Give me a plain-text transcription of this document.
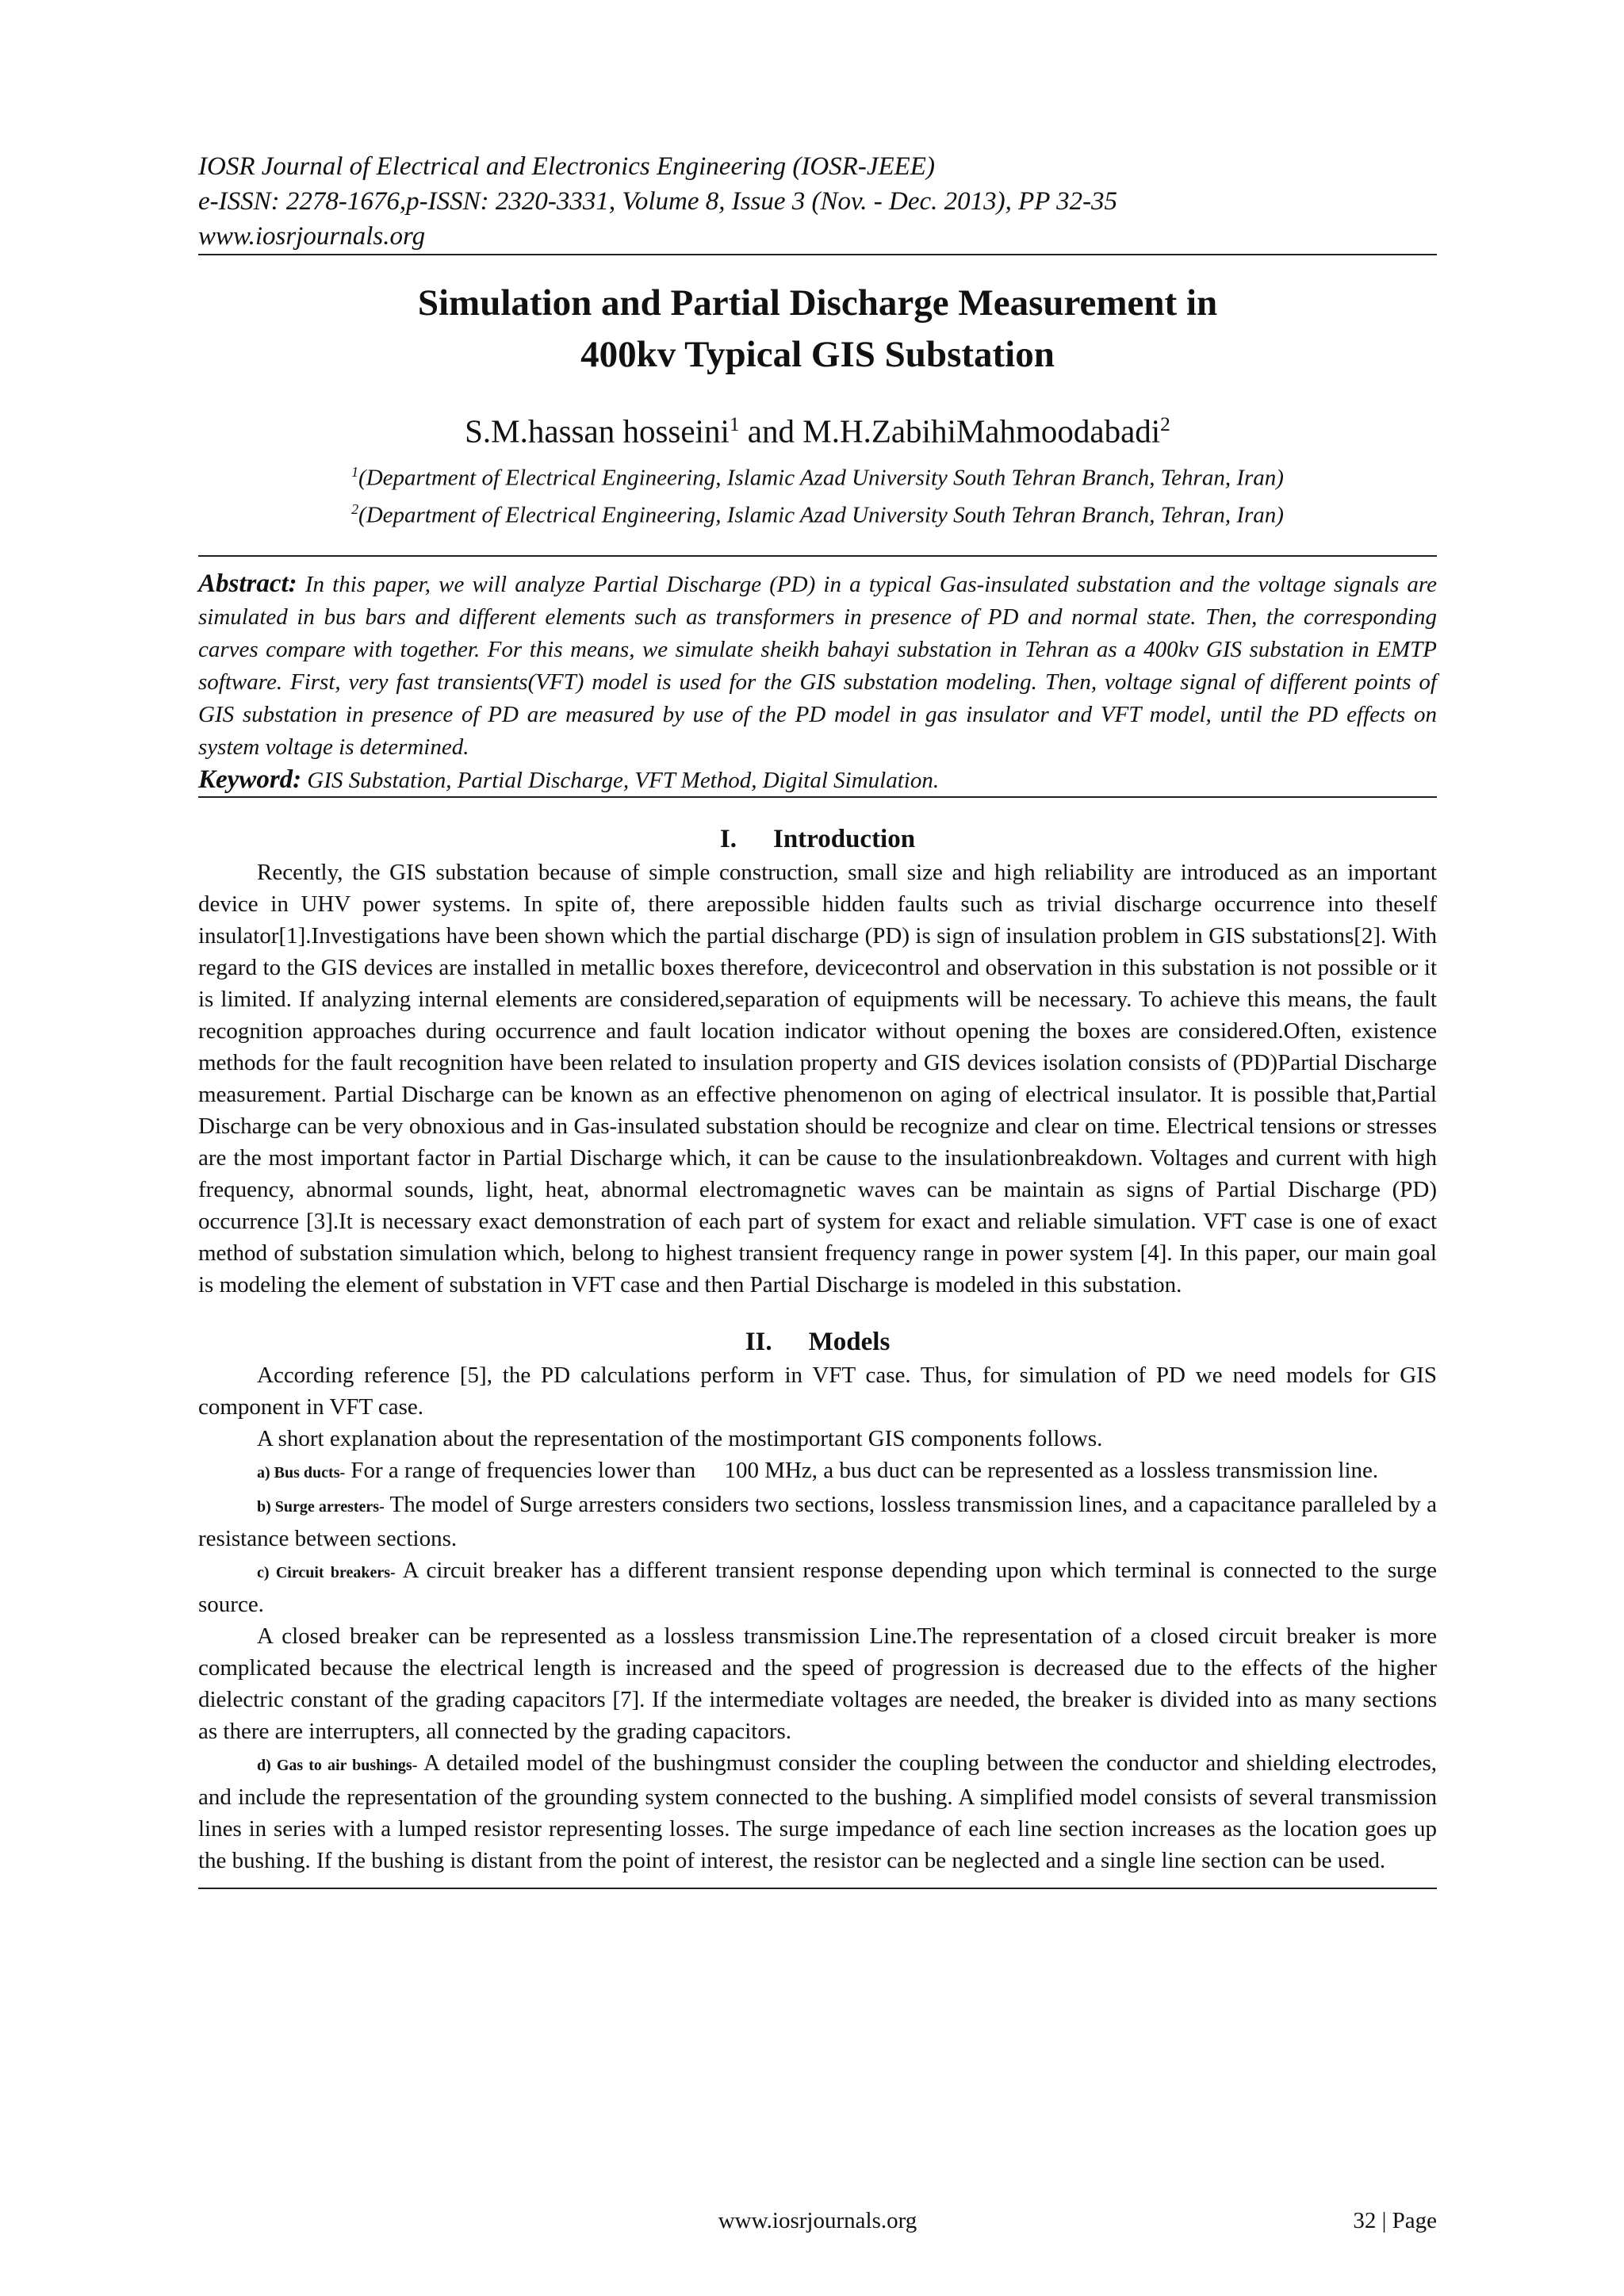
IOSR Journal of Electrical and Electronics Engineering (IOSR-JEEE)
e-ISSN: 2278-1676,p-ISSN: 2320-3331, Volume 8, Issue 3 (Nov. - Dec. 2013), PP 32-35
www.iosrjournals.org
Simulation and Partial Discharge Measurement in
400kv Typical GIS Substation
S.M.hassan hosseini$^1$ and M.H.ZabihiMahmoodabadi$^2$
$^1$(Department of Electrical Engineering, Islamic Azad University South Tehran Branch, Tehran, Iran)
$^2$(Department of Electrical Engineering, Islamic Azad University South Tehran Branch, Tehran, Iran)
Abstract: In this paper, we will analyze Partial Discharge (PD) in a typical Gas-insulated substation and the voltage signals are simulated in bus bars and different elements such as transformers in presence of PD and normal state. Then, the corresponding carves compare with together. For this means, we simulate sheikh bahayi substation in Tehran as a 400kv GIS substation in EMTP software. First, very fast transients(VFT) model is used for the GIS substation modeling. Then, voltage signal of different points of GIS substation in presence of PD are measured by use of the PD model in gas insulator and VFT model, until the PD effects on system voltage is determined.
Keyword: GIS Substation, Partial Discharge, VFT Method, Digital Simulation.
I. Introduction

Recently, the GIS substation because of simple construction, small size and high reliability are introduced as an important device in UHV power systems. In spite of, there arepossible hidden faults such as trivial discharge occurrence into theself insulator[1].Investigations have been shown which the partial discharge (PD) is sign of insulation problem in GIS substations[2]. With regard to the GIS devices are installed in metallic boxes therefore, devicecontrol and observation in this substation is not possible or it is limited. If analyzing internal elements are considered,separation of equipments will be necessary. To achieve this means, the fault recognition approaches during occurrence and fault location indicator without opening the boxes are considered.Often, existence methods for the fault recognition have been related to insulation property and GIS devices isolation consists of (PD)Partial Discharge measurement. Partial Discharge can be known as an effective phenomenon on aging of electrical insulator. It is possible that,Partial Discharge can be very obnoxious and in Gas-insulated substation should be recognize and clear on time. Electrical tensions or stresses are the most important factor in Partial Discharge which, it can be cause to the insulationbreakdown. Voltages and current with high frequency, abnormal sounds, light, heat, abnormal electromagnetic waves can be maintain as signs of Partial Discharge (PD) occurrence [3].It is necessary exact demonstration of each part of system for exact and reliable simulation. VFT case is one of exact method of substation simulation which, belong to highest transient frequency range in power system [4]. In this paper, our main goal is modeling the element of substation in VFT case and then Partial Discharge is modeled in this substation.

II. Models

According reference [5], the PD calculations perform in VFT case. Thus, for simulation of PD we need models for GIS component in VFT case.

A short explanation about the representation of the mostimportant GIS components follows.

a) Bus ducts- For a range of frequencies lower than     100 MHz, a bus duct can be represented as a lossless transmission line.

b) Surge arresters- The model of Surge arresters considers two sections, lossless transmission lines, and a capacitance paralleled by a resistance between sections.

c) Circuit breakers- A circuit breaker has a different transient response depending upon which terminal is connected to the surge source.

A closed breaker can be represented as a lossless transmission Line.The representation of a closed circuit breaker is more complicated because the electrical length is increased and the speed of progression is decreased due to the effects of the higher dielectric constant of the grading capacitors [7]. If the intermediate voltages are needed, the breaker is divided into as many sections as there are interrupters, all connected by the grading capacitors.

d) Gas to air bushings- A detailed model of the bushingmust consider the coupling between the conductor and shielding electrodes, and include the representation of the grounding system connected to the bushing. A simplified model consists of several transmission lines in series with a lumped resistor representing losses. The surge impedance of each line section increases as the location goes up the bushing. If the bushing is distant from the point of interest, the resistor can be neglected and a single line section can be used.

www.iosrjournals.org	32 | Page
